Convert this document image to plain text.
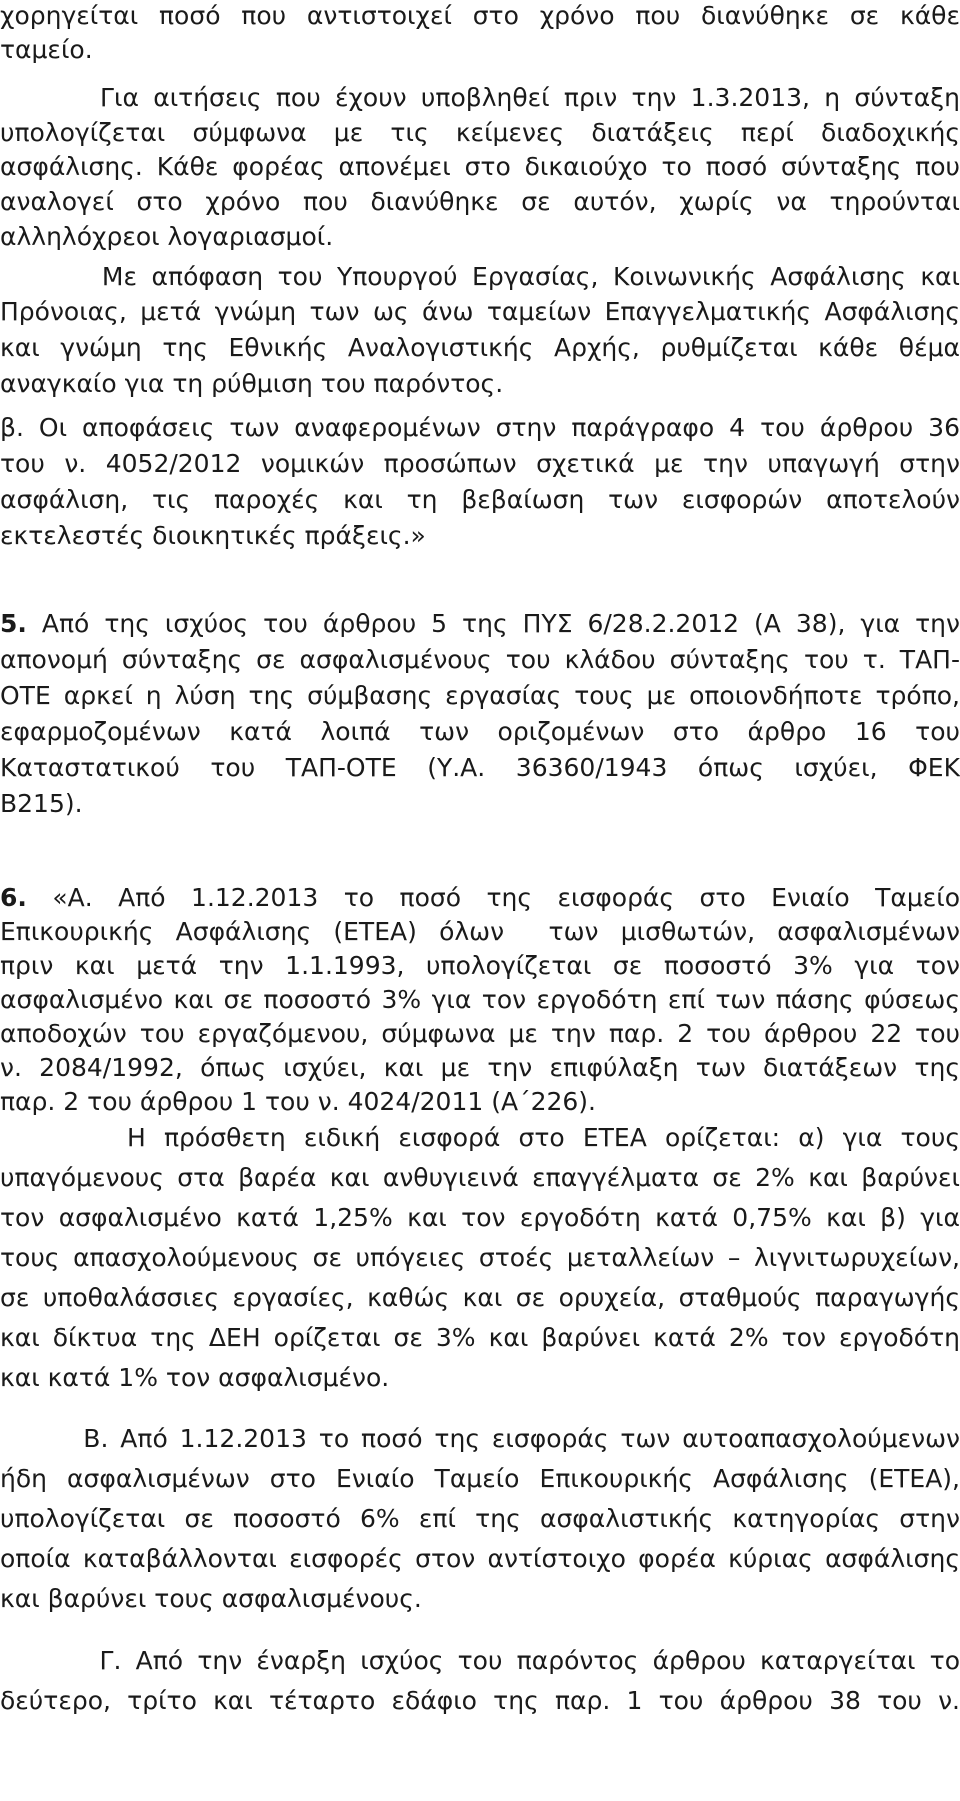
χορηγείται ποσό που αντιστοιχεί στο χρόνο που διανύθηκε σε κάθε
ταμείο.
Για αιτήσεις που έχουν υποβληθεί πριν την 1.3.2013, η σύνταξη
υπολογίζεται σύμφωνα με τις κείμενες διατάξεις περί διαδοχικής
ασφάλισης. Κάθε φορέας απονέμει στο δικαιούχο το ποσό σύνταξης που
αναλογεί στο χρόνο που διανύθηκε σε αυτόν, χωρίς να τηρούνται
αλληλόχρεοι λογαριασμοί.
Με απόφαση του Υπουργού Εργασίας, Κοινωνικής Ασφάλισης και
Πρόνοιας, μετά γνώμη των ως άνω ταμείων Επαγγελματικής Ασφάλισης
και γνώμη της Εθνικής Αναλογιστικής Αρχής, ρυθμίζεται κάθε θέμα
αναγκαίο για τη ρύθμιση του παρόντος.
β. Οι αποφάσεις των αναφερομένων στην παράγραφο 4 του άρθρου 36
του ν. 4052/2012 νομικών προσώπων σχετικά με την υπαγωγή στην
ασφάλιση, τις παροχές και τη βεβαίωση των εισφορών αποτελούν
εκτελεστές διοικητικές πράξεις.»
5. Από της ισχύος του άρθρου 5 της ΠΥΣ 6/28.2.2012 (Α 38), για την
απονομή σύνταξης σε ασφαλισμένους του κλάδου σύνταξης του τ. ΤΑΠ-
ΟΤΕ αρκεί η λύση της σύμβασης εργασίας τους με οποιονδήποτε τρόπο,
εφαρμοζομένων κατά λοιπά των οριζομένων στο άρθρο 16 του
Καταστατικού του ΤΑΠ-ΟΤΕ (Υ.Α. 36360/1943 όπως ισχύει, ΦΕΚ
Β215).
6. «Α. Από 1.12.2013 το ποσό της εισφοράς στο Ενιαίο Ταμείο
Επικουρικής Ασφάλισης (ΕΤΕΑ) όλων  των μισθωτών, ασφαλισμένων
πριν και μετά την 1.1.1993, υπολογίζεται σε ποσοστό 3% για τον
ασφαλισμένο και σε ποσοστό 3% για τον εργοδότη επί των πάσης φύσεως
αποδοχών του εργαζόμενου, σύμφωνα με την παρ. 2 του άρθρου 22 του
ν. 2084/1992, όπως ισχύει, και με την επιφύλαξη των διατάξεων της
παρ. 2 του άρθρου 1 του ν. 4024/2011 (Α΄226).
Η πρόσθετη ειδική εισφορά στο ΕΤΕΑ ορίζεται: α) για τους
υπαγόμενους στα βαρέα και ανθυγιεινά επαγγέλματα σε 2% και βαρύνει
τον ασφαλισμένο κατά 1,25% και τον εργοδότη κατά 0,75% και β) για
τους απασχολούμενους σε υπόγειες στοές μεταλλείων – λιγνιτωρυχείων,
σε υποθαλάσσιες εργασίες, καθώς και σε ορυχεία, σταθμούς παραγωγής
και δίκτυα της ΔΕΗ ορίζεται σε 3% και βαρύνει κατά 2% τον εργοδότη
και κατά 1% τον ασφαλισμένο.
Β. Από 1.12.2013 το ποσό της εισφοράς των αυτοαπασχολούμενων
ήδη ασφαλισμένων στο Ενιαίο Ταμείο Επικουρικής Ασφάλισης (ΕΤΕΑ),
υπολογίζεται σε ποσοστό 6% επί της ασφαλιστικής κατηγορίας στην
οποία καταβάλλονται εισφορές στον αντίστοιχο φορέα κύριας ασφάλισης
και βαρύνει τους ασφαλισμένους.
Γ. Από την έναρξη ισχύος του παρόντος άρθρου καταργείται το
δεύτερο, τρίτο και τέταρτο εδάφιο της παρ. 1 του άρθρου 38 του ν.
